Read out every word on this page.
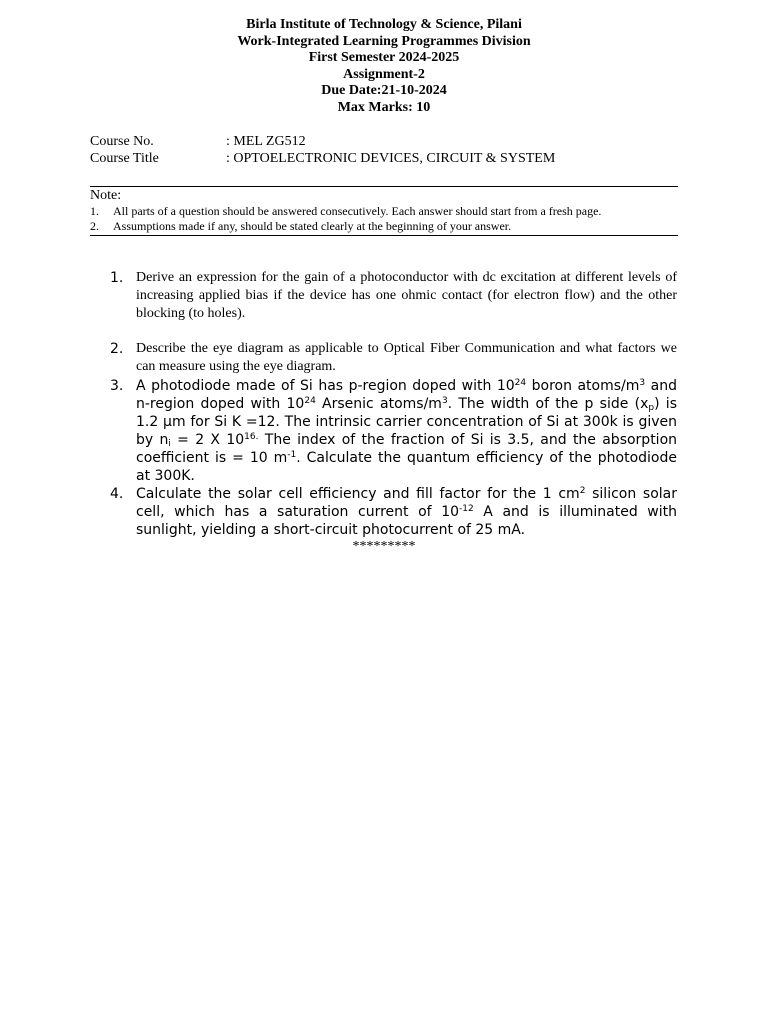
Birla Institute of Technology & Science, Pilani
Work-Integrated Learning Programmes Division
First Semester 2024-2025
Assignment-2
Due Date:21-10-2024
Max Marks: 10
Course No.	: MEL ZG512
Course Title	: OPTOELECTRONIC DEVICES, CIRCUIT & SYSTEM
Note:
1.	All parts of a question should be answered consecutively. Each answer should start from a fresh page.
2.	Assumptions made if any, should be stated clearly at the beginning of your answer.
1. Derive an expression for the gain of a photoconductor with dc excitation at different levels of increasing applied bias if the device has one ohmic contact (for electron flow) and the other blocking (to holes).
2. Describe the eye diagram as applicable to Optical Fiber Communication and what factors we can measure using the eye diagram.
3. A photodiode made of Si has p-region doped with $10^{24}$ boron atoms/$m^3$ and n-region doped with $10^{24}$ Arsenic atoms/$m^3$. The width of the p side $(x_p)$ is 1.2 µm for Si K =12. The intrinsic carrier concentration of Si at 300k is given by $n_i = 2$ X $10^{16.}$ The index of the fraction of Si is 3.5, and the absorption coefficient is = 10 $m^{-1}$. Calculate the quantum efficiency of the photodiode at 300K.
4. Calculate the solar cell efficiency and fill factor for the 1 $cm^2$ silicon solar cell, which has a saturation current of $10^{-12}$ A and is illuminated with sunlight, yielding a short-circuit photocurrent of 25 mA.
*********
